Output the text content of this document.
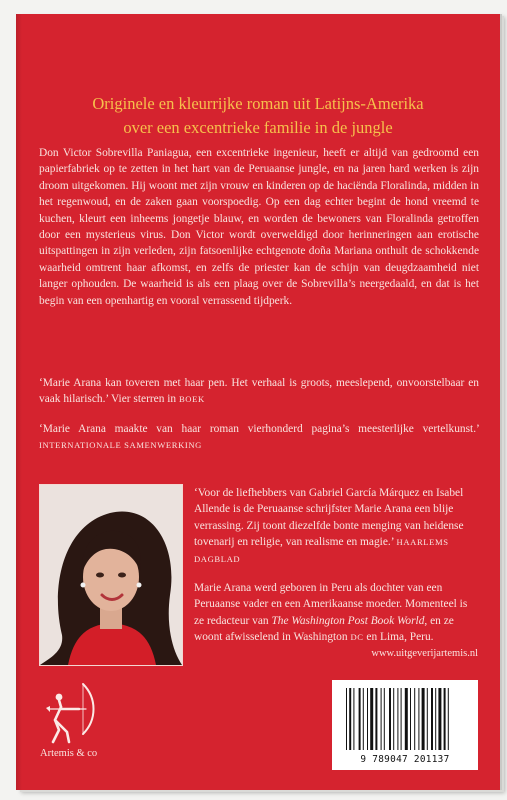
Originele en kleurrijke roman uit Latijns-Amerika
over een excentrieke familie in de jungle

Don Victor Sobrevilla Paniagua, een excentrieke ingenieur, heeft er altijd van gedroomd een papierfabriek op te zetten in het hart van de Peruaanse jungle, en na jaren hard werken is zijn droom uitgekomen. Hij woont met zijn vrouw en kinderen op de haciënda Floralinda, midden in het regenwoud, en de zaken gaan voorspoedig. Op een dag echter begint de hond vreemd te kuchen, kleurt een inheems jongetje blauw, en worden de bewoners van Floralinda getroffen door een mysterieus virus. Don Victor wordt overweldigd door herinneringen aan erotische uitspattingen in zijn verleden, zijn fatsoenlijke echtgenote doña Mariana onthult de schokkende waarheid omtrent haar afkomst, en zelfs de priester kan de schijn van deugdzaamheid niet langer ophouden. De waarheid is als een plaag over de Sobrevilla’s neergedaald, en dat is het begin van een openhartig en vooral verrassend tijdperk.

‘Marie Arana kan toveren met haar pen. Het verhaal is groots, meeslepend, onvoorstelbaar en vaak hilarisch.’ Vier sterren in BOEK

‘Marie Arana maakte van haar roman vierhonderd pagina’s meesterlijke vertelkunst.’ INTERNATIONALE SAMENWERKING

‘Voor de liefhebbers van Gabriel García Márquez en Isabel Allende is de Peruaanse schrijfster Marie Arana een blije verrassing. Zij toont diezelfde bonte menging van heidense tovenarij en religie, van realisme en magie.’ HAARLEMS DAGBLAD

Marie Arana werd geboren in Peru als dochter van een Peruaanse vader en een Amerikaanse moeder. Momenteel is ze redacteur van The Washington Post Book World, en ze woont afwisselend in Washington DC en Lima, Peru.

www.uitgeverijartemis.nl

Artemis & co

9 789047 201137
